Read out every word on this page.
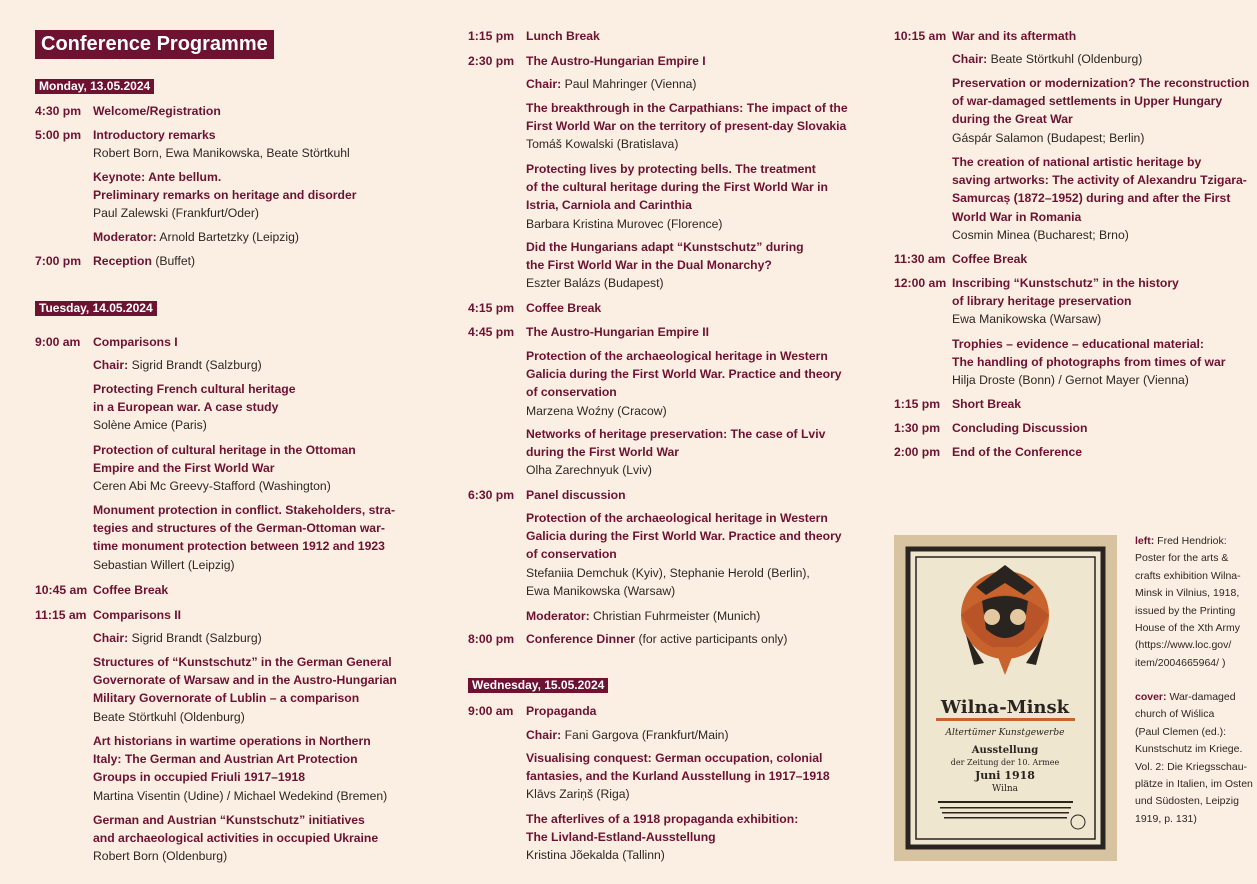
Conference Programme
Monday, 13.05.2024
4:30 pm Welcome/Registration
5:00 pm Introductory remarks
Robert Born, Ewa Manikowska, Beate Störtkuhl
Keynote: Ante bellum.
Preliminary remarks on heritage and disorder
Paul Zalewski (Frankfurt/Oder)
Moderator: Arnold Bartetzky (Leipzig)
7:00 pm Reception (Buffet)
Tuesday, 14.05.2024
9:00 am Comparisons I
Chair: Sigrid Brandt (Salzburg)
Protecting French cultural heritage
in a European war. A case study
Solène Amice (Paris)
Protection of cultural heritage in the Ottoman
Empire and the First World War
Ceren Abi Mc Greevy-Stafford (Washington)
Monument protection in conflict. Stakeholders, stra-
tegies and structures of the German-Ottoman war-
time monument protection between 1912 and 1923
Sebastian Willert (Leipzig)
10:45 am Coffee Break
11:15 am Comparisons II
Chair: Sigrid Brandt (Salzburg)
Structures of “Kunstschutz” in the German General
Governorate of Warsaw and in the Austro-Hungarian
Military Governorate of Lublin – a comparison
Beate Störtkuhl (Oldenburg)
Art historians in wartime operations in Northern
Italy: The German and Austrian Art Protection
Groups in occupied Friuli 1917–1918
Martina Visentin (Udine) / Michael Wedekind (Bremen)
German and Austrian “Kunstschutz” initiatives
and archaeological activities in occupied Ukraine
Robert Born (Oldenburg)
1:15 pm Lunch Break
2:30 pm The Austro-Hungarian Empire I
Chair: Paul Mahringer (Vienna)
The breakthrough in the Carpathians: The impact of the
First World War on the territory of present-day Slovakia
Tomáš Kowalski (Bratislava)
Protecting lives by protecting bells. The treatment
of the cultural heritage during the First World War in
Istria, Carniola and Carinthia
Barbara Kristina Murovec (Florence)
Did the Hungarians adapt “Kunstschutz” during
the First World War in the Dual Monarchy?
Eszter Balázs (Budapest)
4:15 pm Coffee Break
4:45 pm The Austro-Hungarian Empire II
Protection of the archaeological heritage in Western
Galicia during the First World War. Practice and theory
of conservation
Marzena Woźny (Cracow)
Networks of heritage preservation: The case of Lviv
during the First World War
Olha Zarechnyuk (Lviv)
6:30 pm Panel discussion
Protection of the archaeological heritage in Western
Galicia during the First World War. Practice and theory
of conservation
Stefaniia Demchuk (Kyiv), Stephanie Herold (Berlin),
Ewa Manikowska (Warsaw)
Moderator: Christian Fuhrmeister (Munich)
8:00 pm Conference Dinner (for active participants only)
Wednesday, 15.05.2024
9:00 am Propaganda
Chair: Fani Gargova (Frankfurt/Main)
Visualising conquest: German occupation, colonial
fantasies, and the Kurland Ausstellung in 1917–1918
Klāvs Zariņš (Riga)
The afterlives of a 1918 propaganda exhibition:
The Livland-Estland-Ausstellung
Kristina Jõekalda (Tallinn)
10:15 am War and its aftermath
Chair: Beate Störtkuhl (Oldenburg)
Preservation or modernization? The reconstruction
of war-damaged settlements in Upper Hungary
during the Great War
Gáspár Salamon (Budapest; Berlin)
The creation of national artistic heritage by
saving artworks: The activity of Alexandru Tzigara-
Samurcaș (1872–1952) during and after the First
World War in Romania
Cosmin Minea (Bucharest; Brno)
11:30 am Coffee Break
12:00 am Inscribing “Kunstschutz” in the history
of library heritage preservation
Ewa Manikowska (Warsaw)
Trophies – evidence – educational material:
The handling of photographs from times of war
Hilja Droste (Bonn) / Gernot Mayer (Vienna)
1:15 pm Short Break
1:30 pm Concluding Discussion
2:00 pm End of the Conference
Wilna-Minsk
Altertümer Kunstgewerbe
Ausstellung
der Zeitung der 10. Armee
Juni 1918
Wilna
left: Fred Hendriok:
Poster for the arts &
crafts exhibition Wilna-
Minsk in Vilnius, 1918,
issued by the Printing
House of the Xth Army
(https://www.loc.gov/
item/2004665964/ )
cover: War-damaged
church of Wiślica
(Paul Clemen (ed.):
Kunstschutz im Kriege.
Vol. 2: Die Kriegsschau-
plätze in Italien, im Osten
und Südosten, Leipzig
1919, p. 131)
